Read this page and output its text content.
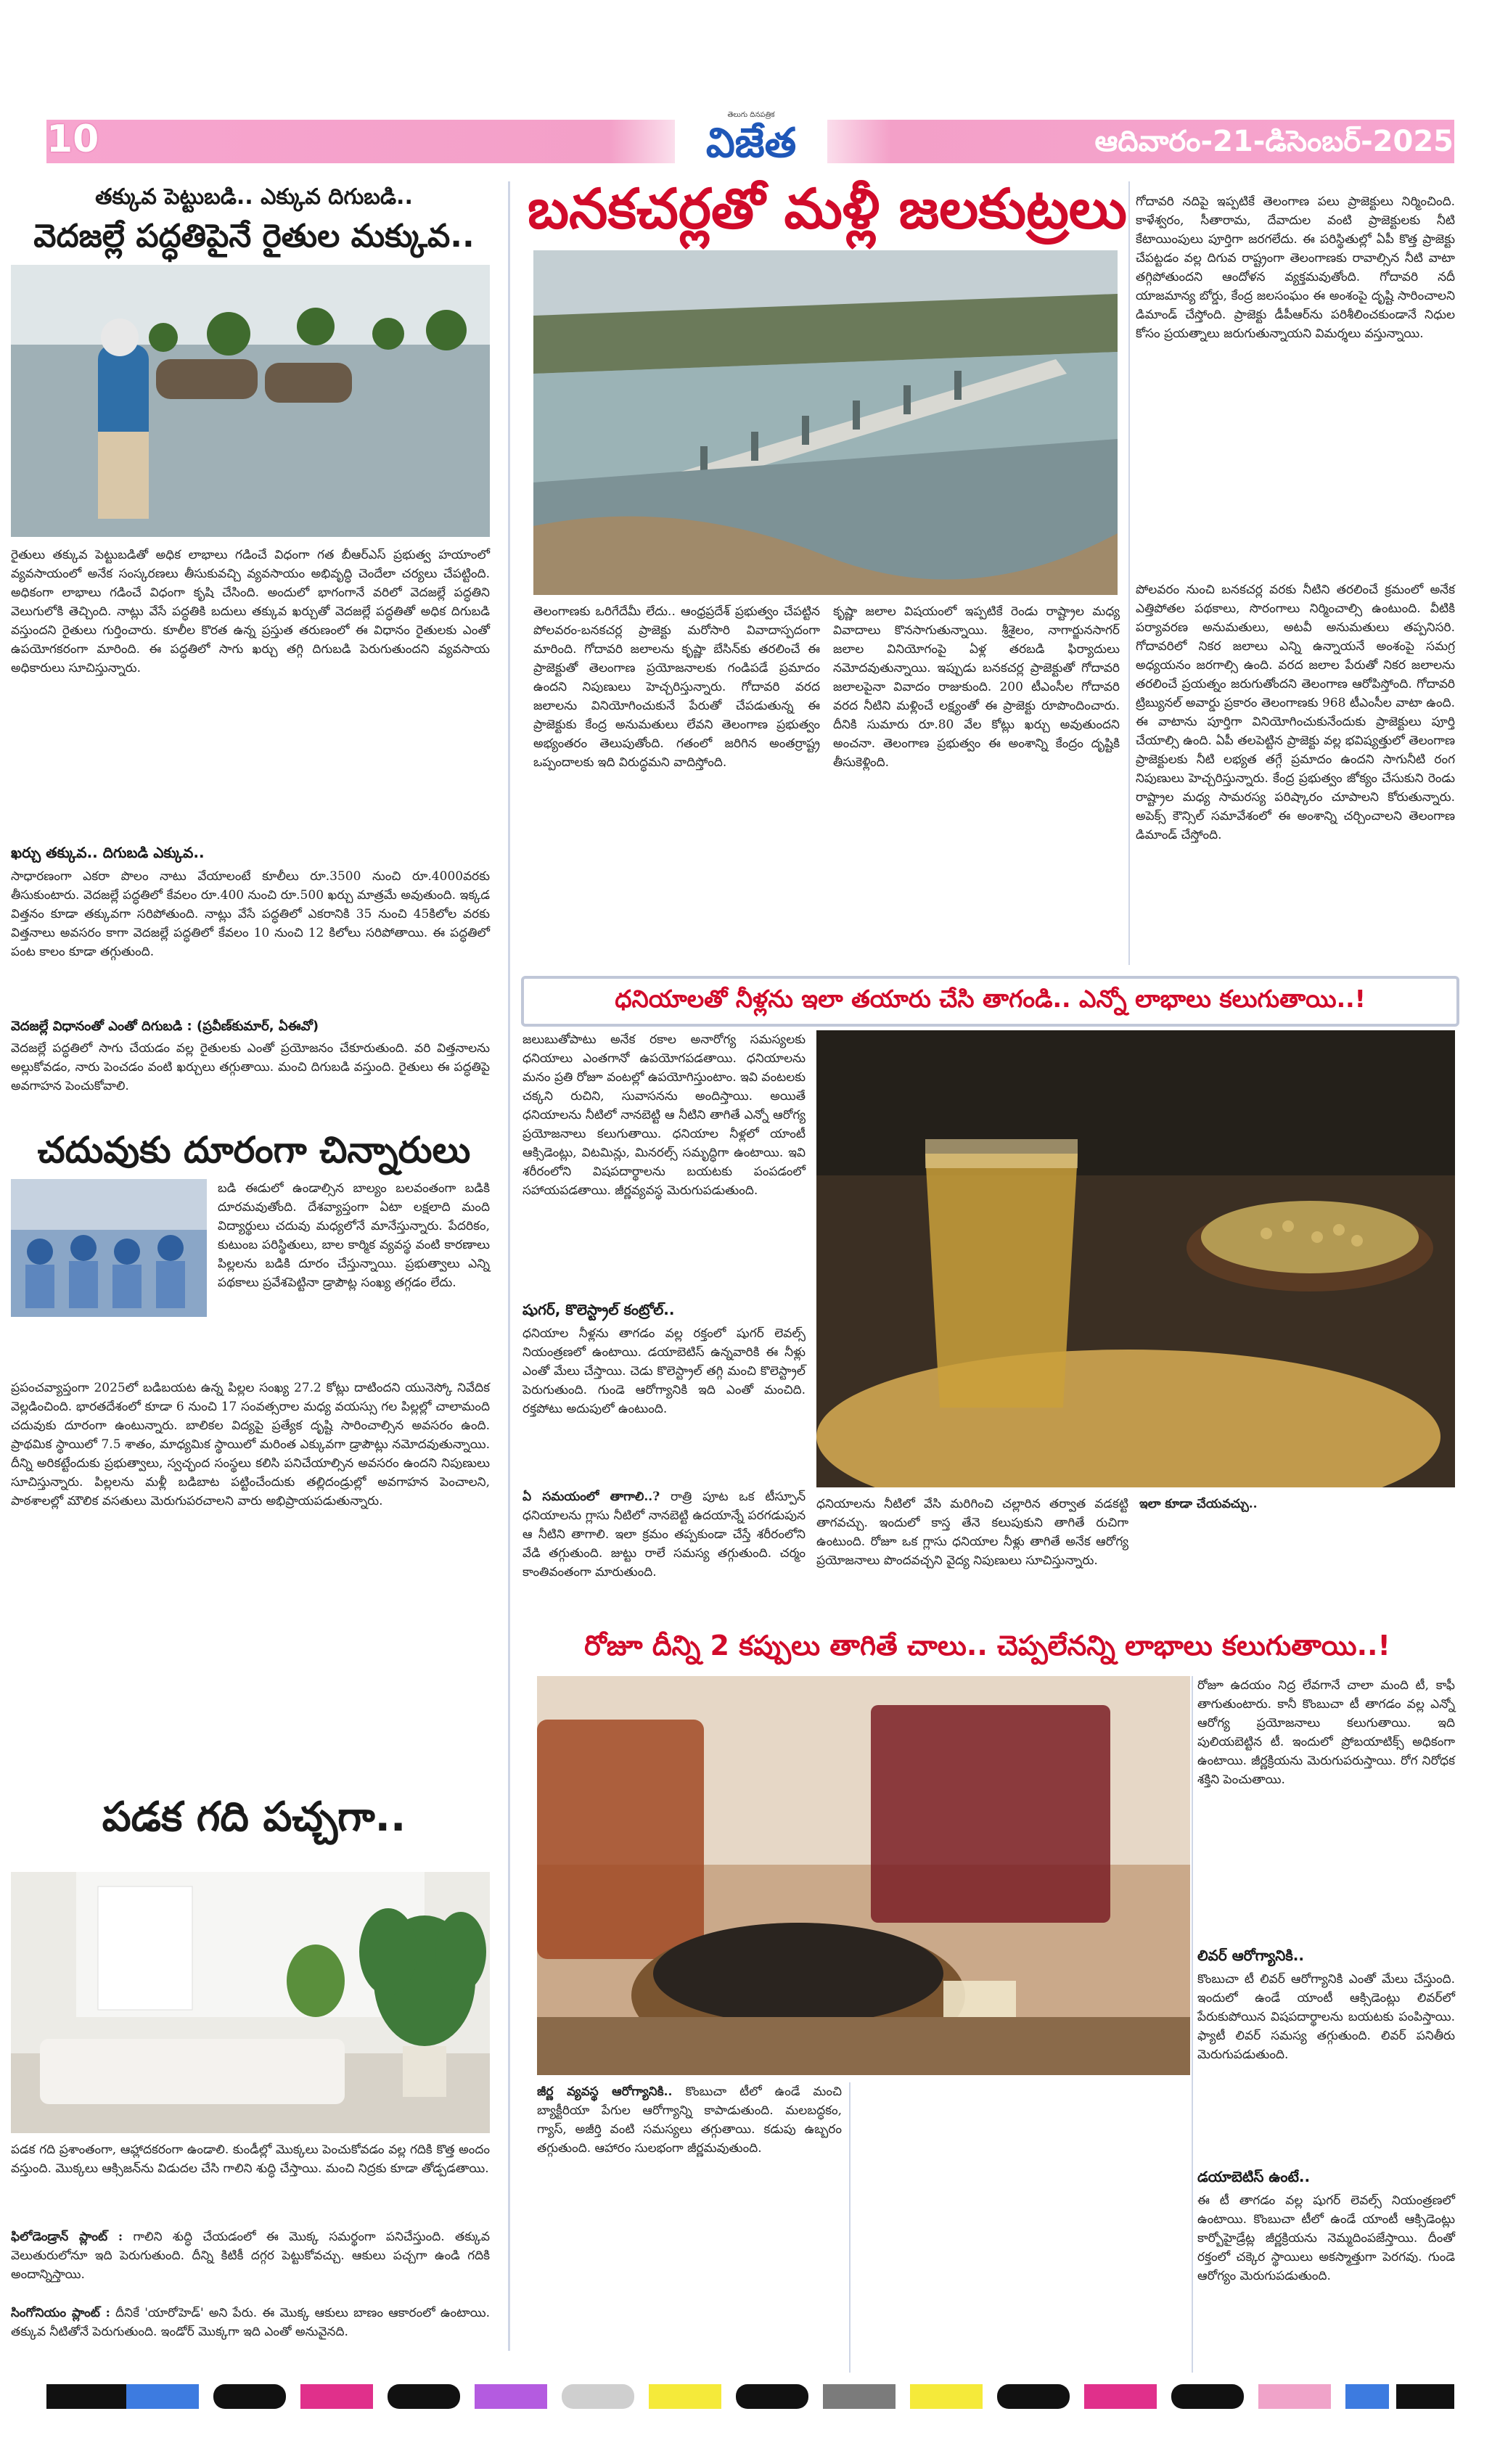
10
తెలుగు దినపత్రిక
విజేత	ఆదివారం-21-డిసెంబర్-2025
తక్కువ పెట్టుబడి.. ఎక్కువ దిగుబడి..
వెదజల్లే పద్ధతిపైనే రైతుల మక్కువ..
రైతులు తక్కువ పెట్టుబడితో అధిక లాభాలు గడించే విధంగా గత బీఆర్ఎస్ ప్రభుత్వ హయాంలో వ్యవసాయంలో అనేక సంస్కరణలు తీసుకువచ్చి వ్యవసాయం అభివృద్ధి చెందేలా చర్యలు చేపట్టింది. అధికంగా లాభాలు గడించే విధంగా కృషి చేసింది. అందులో భాగంగానే వరిలో వెదజల్లే పద్ధతిని వెలుగులోకి తెచ్చింది. నాట్లు వేసే పద్ధతికి బదులు తక్కువ ఖర్చుతో వెదజల్లే పద్ధతితో అధిక దిగుబడి వస్తుందని రైతులు గుర్తించారు. కూలీల కొరత ఉన్న ప్రస్తుత తరుణంలో ఈ విధానం రైతులకు ఎంతో ఉపయోగకరంగా మారింది. ఈ పద్ధతిలో సాగు ఖర్చు తగ్గి దిగుబడి పెరుగుతుందని వ్యవసాయ అధికారులు సూచిస్తున్నారు.
ఖర్చు తక్కువ.. దిగుబడి ఎక్కువ..
సాధారణంగా ఎకరా పొలం నాటు వేయాలంటే కూలీలు రూ.3500 నుంచి రూ.4000వరకు తీసుకుంటారు. వెదజల్లే పద్ధతిలో కేవలం రూ.400 నుంచి రూ.500 ఖర్చు మాత్రమే అవుతుంది. ఇక్కడ విత్తనం కూడా తక్కువగా సరిపోతుంది. నాట్లు వేసే పద్ధతిలో ఎకరానికి 35 నుంచి 45కిలోల వరకు విత్తనాలు అవసరం కాగా వెదజల్లే పద్ధతిలో కేవలం 10 నుంచి 12 కిలోలు సరిపోతాయి. ఈ పద్ధతిలో పంట కాలం కూడా తగ్గుతుంది.
వెదజల్లే విధానంతో ఎంతో దిగుబడి : (ప్రవీణ్‌కుమార్, ఏఈవో)
వెదజల్లే పద్ధతిలో సాగు చేయడం వల్ల రైతులకు ఎంతో ప్రయోజనం చేకూరుతుంది. వరి విత్తనాలను అల్లుకోవడం, నారు పెంచడం వంటి ఖర్చులు తగ్గుతాయి. మంచి దిగుబడి వస్తుంది. రైతులు ఈ పద్ధతిపై అవగాహన పెంచుకోవాలి.
చదువుకు దూరంగా చిన్నారులు
బడి ఈడులో ఉండాల్సిన బాల్యం బలవంతంగా బడికి దూరమవుతోంది. దేశవ్యాప్తంగా ఏటా లక్షలాది మంది విద్యార్థులు చదువు మధ్యలోనే మానేస్తున్నారు. పేదరికం, కుటుంబ పరిస్థితులు, బాల కార్మిక వ్యవస్థ వంటి కారణాలు పిల్లలను బడికి దూరం చేస్తున్నాయి. ప్రభుత్వాలు ఎన్ని పథకాలు ప్రవేశపెట్టినా డ్రాపౌట్ల సంఖ్య తగ్గడం లేదు.
ప్రపంచవ్యాప్తంగా 2025లో బడిబయట ఉన్న పిల్లల సంఖ్య 27.2 కోట్లు దాటిందని యునెస్కో నివేదిక వెల్లడించింది. భారతదేశంలో కూడా 6 నుంచి 17 సంవత్సరాల మధ్య వయస్సు గల పిల్లల్లో చాలామంది చదువుకు దూరంగా ఉంటున్నారు. బాలికల విద్యపై ప్రత్యేక దృష్టి సారించాల్సిన అవసరం ఉంది. ప్రాథమిక స్థాయిలో 7.5 శాతం, మాధ్యమిక స్థాయిలో మరింత ఎక్కువగా డ్రాపౌట్లు నమోదవుతున్నాయి. దీన్ని అరికట్టేందుకు ప్రభుత్వాలు, స్వచ్ఛంద సంస్థలు కలిసి పనిచేయాల్సిన అవసరం ఉందని నిపుణులు సూచిస్తున్నారు. పిల్లలను మళ్లీ బడిబాట పట్టించేందుకు తల్లిదండ్రుల్లో అవగాహన పెంచాలని, పాఠశాలల్లో మౌలిక వసతులు మెరుగుపరచాలని వారు అభిప్రాయపడుతున్నారు.
పడక గది పచ్చగా..
పడక గది ప్రశాంతంగా, ఆహ్లాదకరంగా ఉండాలి. కుండీల్లో మొక్కలు పెంచుకోవడం వల్ల గదికి కొత్త అందం వస్తుంది. మొక్కలు ఆక్సిజన్‌ను విడుదల చేసి గాలిని శుద్ధి చేస్తాయి. మంచి నిద్రకు కూడా తోడ్పడతాయి.
ఫిలోడెండ్రాన్ ప్లాంట్ : గాలిని శుద్ధి చేయడంలో ఈ మొక్క సమర్థంగా పనిచేస్తుంది. తక్కువ వెలుతురులోనూ ఇది పెరుగుతుంది. దీన్ని కిటికీ దగ్గర పెట్టుకోవచ్చు. ఆకులు పచ్చగా ఉండి గదికి అందాన్నిస్తాయి.
సింగోనియం ప్లాంట్ : దీనికే 'యారోహెడ్' అని పేరు. ఈ మొక్క ఆకులు బాణం ఆకారంలో ఉంటాయి. తక్కువ నీటితోనే పెరుగుతుంది. ఇండోర్ మొక్కగా ఇది ఎంతో అనువైనది.
బనకచర్లతో మళ్లీ జలకుట్రలు
తెలంగాణకు ఒరిగేదేమీ లేదు.. ఆంధ్రప్రదేశ్ ప్రభుత్వం చేపట్టిన పోలవరం-బనకచర్ల ప్రాజెక్టు మరోసారి వివాదాస్పదంగా మారింది. గోదావరి జలాలను కృష్ణా బేసిన్‌కు తరలించే ఈ ప్రాజెక్టుతో తెలంగాణ ప్రయోజనాలకు గండిపడే ప్రమాదం ఉందని నిపుణులు హెచ్చరిస్తున్నారు. గోదావరి వరద జలాలను వినియోగించుకునే పేరుతో చేపడుతున్న ఈ ప్రాజెక్టుకు కేంద్ర అనుమతులు లేవని తెలంగాణ ప్రభుత్వం అభ్యంతరం తెలుపుతోంది. గతంలో జరిగిన అంతర్రాష్ట్ర ఒప్పందాలకు ఇది విరుద్ధమని వాదిస్తోంది.
కృష్ణా జలాల విషయంలో ఇప్పటికే రెండు రాష్ట్రాల మధ్య వివాదాలు కొనసాగుతున్నాయి. శ్రీశైలం, నాగార్జునసాగర్ జలాల వినియోగంపై ఏళ్ల తరబడి ఫిర్యాదులు నమోదవుతున్నాయి. ఇప్పుడు బనకచర్ల ప్రాజెక్టుతో గోదావరి జలాలపైనా వివాదం రాజుకుంది. 200 టీఎంసీల గోదావరి వరద నీటిని మళ్లించే లక్ష్యంతో ఈ ప్రాజెక్టు రూపొందించారు. దీనికి సుమారు రూ.80 వేల కోట్లు ఖర్చు అవుతుందని అంచనా. తెలంగాణ ప్రభుత్వం ఈ అంశాన్ని కేంద్రం దృష్టికి తీసుకెళ్లింది.
గోదావరి నదిపై ఇప్పటికే తెలంగాణ పలు ప్రాజెక్టులు నిర్మించింది. కాళేశ్వరం, సీతారామ, దేవాదుల వంటి ప్రాజెక్టులకు నీటి కేటాయింపులు పూర్తిగా జరగలేదు. ఈ పరిస్థితుల్లో ఏపీ కొత్త ప్రాజెక్టు చేపట్టడం వల్ల దిగువ రాష్ట్రంగా తెలంగాణకు రావాల్సిన నీటి వాటా తగ్గిపోతుందని ఆందోళన వ్యక్తమవుతోంది. గోదావరి నదీ యాజమాన్య బోర్డు, కేంద్ర జలసంఘం ఈ అంశంపై దృష్టి సారించాలని డిమాండ్ చేస్తోంది. ప్రాజెక్టు డీపీఆర్‌ను పరిశీలించకుండానే నిధుల కోసం ప్రయత్నాలు జరుగుతున్నాయని విమర్శలు వస్తున్నాయి.
పోలవరం నుంచి బనకచర్ల వరకు నీటిని తరలించే క్రమంలో అనేక ఎత్తిపోతల పథకాలు, సొరంగాలు నిర్మించాల్సి ఉంటుంది. వీటికి పర్యావరణ అనుమతులు, అటవీ అనుమతులు తప్పనిసరి. గోదావరిలో నికర జలాలు ఎన్ని ఉన్నాయనే అంశంపై సమగ్ర అధ్యయనం జరగాల్సి ఉంది. వరద జలాల పేరుతో నికర జలాలను తరలించే ప్రయత్నం జరుగుతోందని తెలంగాణ ఆరోపిస్తోంది. గోదావరి ట్రిబ్యునల్ అవార్డు ప్రకారం తెలంగాణకు 968 టీఎంసీల వాటా ఉంది. ఈ వాటాను పూర్తిగా వినియోగించుకునేందుకు ప్రాజెక్టులు పూర్తి చేయాల్సి ఉంది. ఏపీ తలపెట్టిన ప్రాజెక్టు వల్ల భవిష్యత్తులో తెలంగాణ ప్రాజెక్టులకు నీటి లభ్యత తగ్గే ప్రమాదం ఉందని సాగునీటి రంగ నిపుణులు హెచ్చరిస్తున్నారు. కేంద్ర ప్రభుత్వం జోక్యం చేసుకుని రెండు రాష్ట్రాల మధ్య సామరస్య పరిష్కారం చూపాలని కోరుతున్నారు. అపెక్స్ కౌన్సిల్ సమావేశంలో ఈ అంశాన్ని చర్చించాలని తెలంగాణ డిమాండ్ చేస్తోంది.
ధనియాలతో నీళ్లను ఇలా తయారు చేసి తాగండి.. ఎన్నో లాభాలు కలుగుతాయి..!
జలుబుతోపాటు అనేక రకాల అనారోగ్య సమస్యలకు ధనియాలు ఎంతగానో ఉపయోగపడతాయి. ధనియాలను మనం ప్రతి రోజూ వంటల్లో ఉపయోగిస్తుంటాం. ఇవి వంటలకు చక్కని రుచిని, సువాసనను అందిస్తాయి. అయితే ధనియాలను నీటిలో నానబెట్టి ఆ నీటిని తాగితే ఎన్నో ఆరోగ్య ప్రయోజనాలు కలుగుతాయి. ధనియాల నీళ్లలో యాంటీ ఆక్సిడెంట్లు, విటమిన్లు, మినరల్స్ సమృద్ధిగా ఉంటాయి. ఇవి శరీరంలోని విషపదార్థాలను బయటకు పంపడంలో సహాయపడతాయి. జీర్ణవ్యవస్థ మెరుగుపడుతుంది.
షుగర్, కొలెస్ట్రాల్ కంట్రోల్..
ధనియాల నీళ్లను తాగడం వల్ల రక్తంలో షుగర్ లెవల్స్ నియంత్రణలో ఉంటాయి. డయాబెటిస్ ఉన్నవారికి ఈ నీళ్లు ఎంతో మేలు చేస్తాయి. చెడు కొలెస్ట్రాల్ తగ్గి మంచి కొలెస్ట్రాల్ పెరుగుతుంది. గుండె ఆరోగ్యానికి ఇది ఎంతో మంచిది. రక్తపోటు అదుపులో ఉంటుంది.
ఏ సమయంలో తాగాలి..? రాత్రి పూట ఒక టీస్పూన్ ధనియాలను గ్లాసు నీటిలో నానబెట్టి ఉదయాన్నే పరగడుపున ఆ నీటిని తాగాలి. ఇలా క్రమం తప్పకుండా చేస్తే శరీరంలోని వేడి తగ్గుతుంది. జుట్టు రాలే సమస్య తగ్గుతుంది. చర్మం కాంతివంతంగా మారుతుంది.
ధనియాలను నీటిలో వేసి మరిగించి చల్లారిన తర్వాత వడకట్టి తాగవచ్చు. ఇందులో కాస్త తేనె కలుపుకుని తాగితే రుచిగా ఉంటుంది. రోజూ ఒక గ్లాసు ధనియాల నీళ్లు తాగితే అనేక ఆరోగ్య ప్రయోజనాలు పొందవచ్చని వైద్య నిపుణులు సూచిస్తున్నారు.
ఇలా కూడా చేయవచ్చు..
రోజూ దీన్ని 2 కప్పులు తాగితే చాలు.. చెప్పలేనన్ని లాభాలు కలుగుతాయి..!
రోజూ ఉదయం నిద్ర లేవగానే చాలా మంది టీ, కాఫీ తాగుతుంటారు. కానీ కొంబుచా టీ తాగడం వల్ల ఎన్నో ఆరోగ్య ప్రయోజనాలు కలుగుతాయి. ఇది పులియబెట్టిన టీ. ఇందులో ప్రోబయాటిక్స్ అధికంగా ఉంటాయి. జీర్ణక్రియను మెరుగుపరుస్తాయి. రోగ నిరోధక శక్తిని పెంచుతాయి.
లివర్ ఆరోగ్యానికి..
కొంబుచా టీ లివర్ ఆరోగ్యానికి ఎంతో మేలు చేస్తుంది. ఇందులో ఉండే యాంటీ ఆక్సిడెంట్లు లివర్‌లో పేరుకుపోయిన విషపదార్థాలను బయటకు పంపిస్తాయి. ఫ్యాటీ లివర్ సమస్య తగ్గుతుంది. లివర్ పనితీరు మెరుగుపడుతుంది.
డయాబెటిస్ ఉంటే..
ఈ టీ తాగడం వల్ల షుగర్ లెవల్స్ నియంత్రణలో ఉంటాయి. కొంబుచా టీలో ఉండే యాంటీ ఆక్సిడెంట్లు కార్బోహైడ్రేట్ల జీర్ణక్రియను నెమ్మదింపజేస్తాయి. దీంతో రక్తంలో చక్కెర స్థాయిలు అకస్మాత్తుగా పెరగవు. గుండె ఆరోగ్యం మెరుగుపడుతుంది.
జీర్ణ వ్యవస్థ ఆరోగ్యానికి.. కొంబుచా టీలో ఉండే మంచి బ్యాక్టీరియా పేగుల ఆరోగ్యాన్ని కాపాడుతుంది. మలబద్ధకం, గ్యాస్, అజీర్తి వంటి సమస్యలు తగ్గుతాయి. కడుపు ఉబ్బరం తగ్గుతుంది. ఆహారం సులభంగా జీర్ణమవుతుంది.
